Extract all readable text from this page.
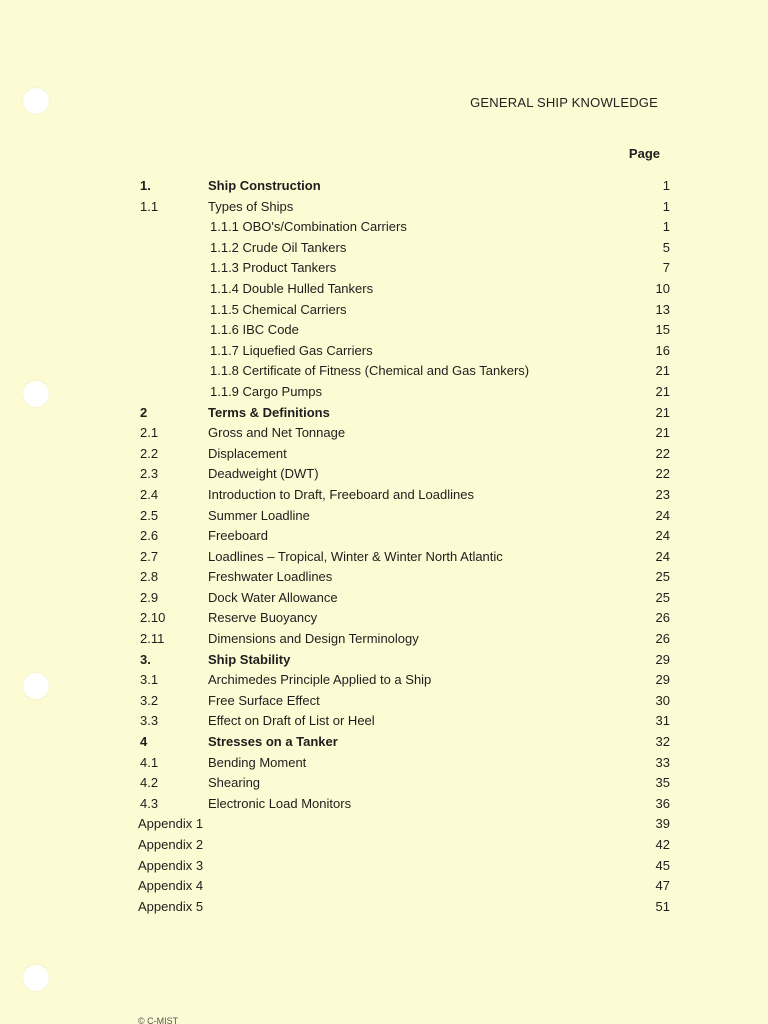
GENERAL SHIP KNOWLEDGE
Page
1.	Ship Construction	1
1.1	Types of Ships	1
1.1.1 OBO's/Combination Carriers	1
1.1.2 Crude Oil Tankers	5
1.1.3 Product Tankers	7
1.1.4 Double Hulled Tankers	10
1.1.5 Chemical Carriers	13
1.1.6 IBC Code	15
1.1.7 Liquefied Gas Carriers	16
1.1.8 Certificate of Fitness (Chemical and Gas Tankers)	21
1.1.9 Cargo Pumps	21
2	Terms & Definitions	21
2.1	Gross and Net Tonnage	21
2.2	Displacement	22
2.3	Deadweight (DWT)	22
2.4	Introduction to Draft, Freeboard and Loadlines	23
2.5	Summer Loadline	24
2.6	Freeboard	24
2.7	Loadlines – Tropical, Winter & Winter North Atlantic	24
2.8	Freshwater Loadlines	25
2.9	Dock Water Allowance	25
2.10	Reserve Buoyancy	26
2.11	Dimensions and Design Terminology	26
3.	Ship Stability	29
3.1	Archimedes Principle Applied to a Ship	29
3.2	Free Surface Effect	30
3.3	Effect on Draft of List or Heel	31
4	Stresses on a Tanker	32
4.1	Bending Moment	33
4.2	Shearing	35
4.3	Electronic Load Monitors	36
Appendix 1	39
Appendix 2	42
Appendix 3	45
Appendix 4	47
Appendix 5	51
© C-MIST
